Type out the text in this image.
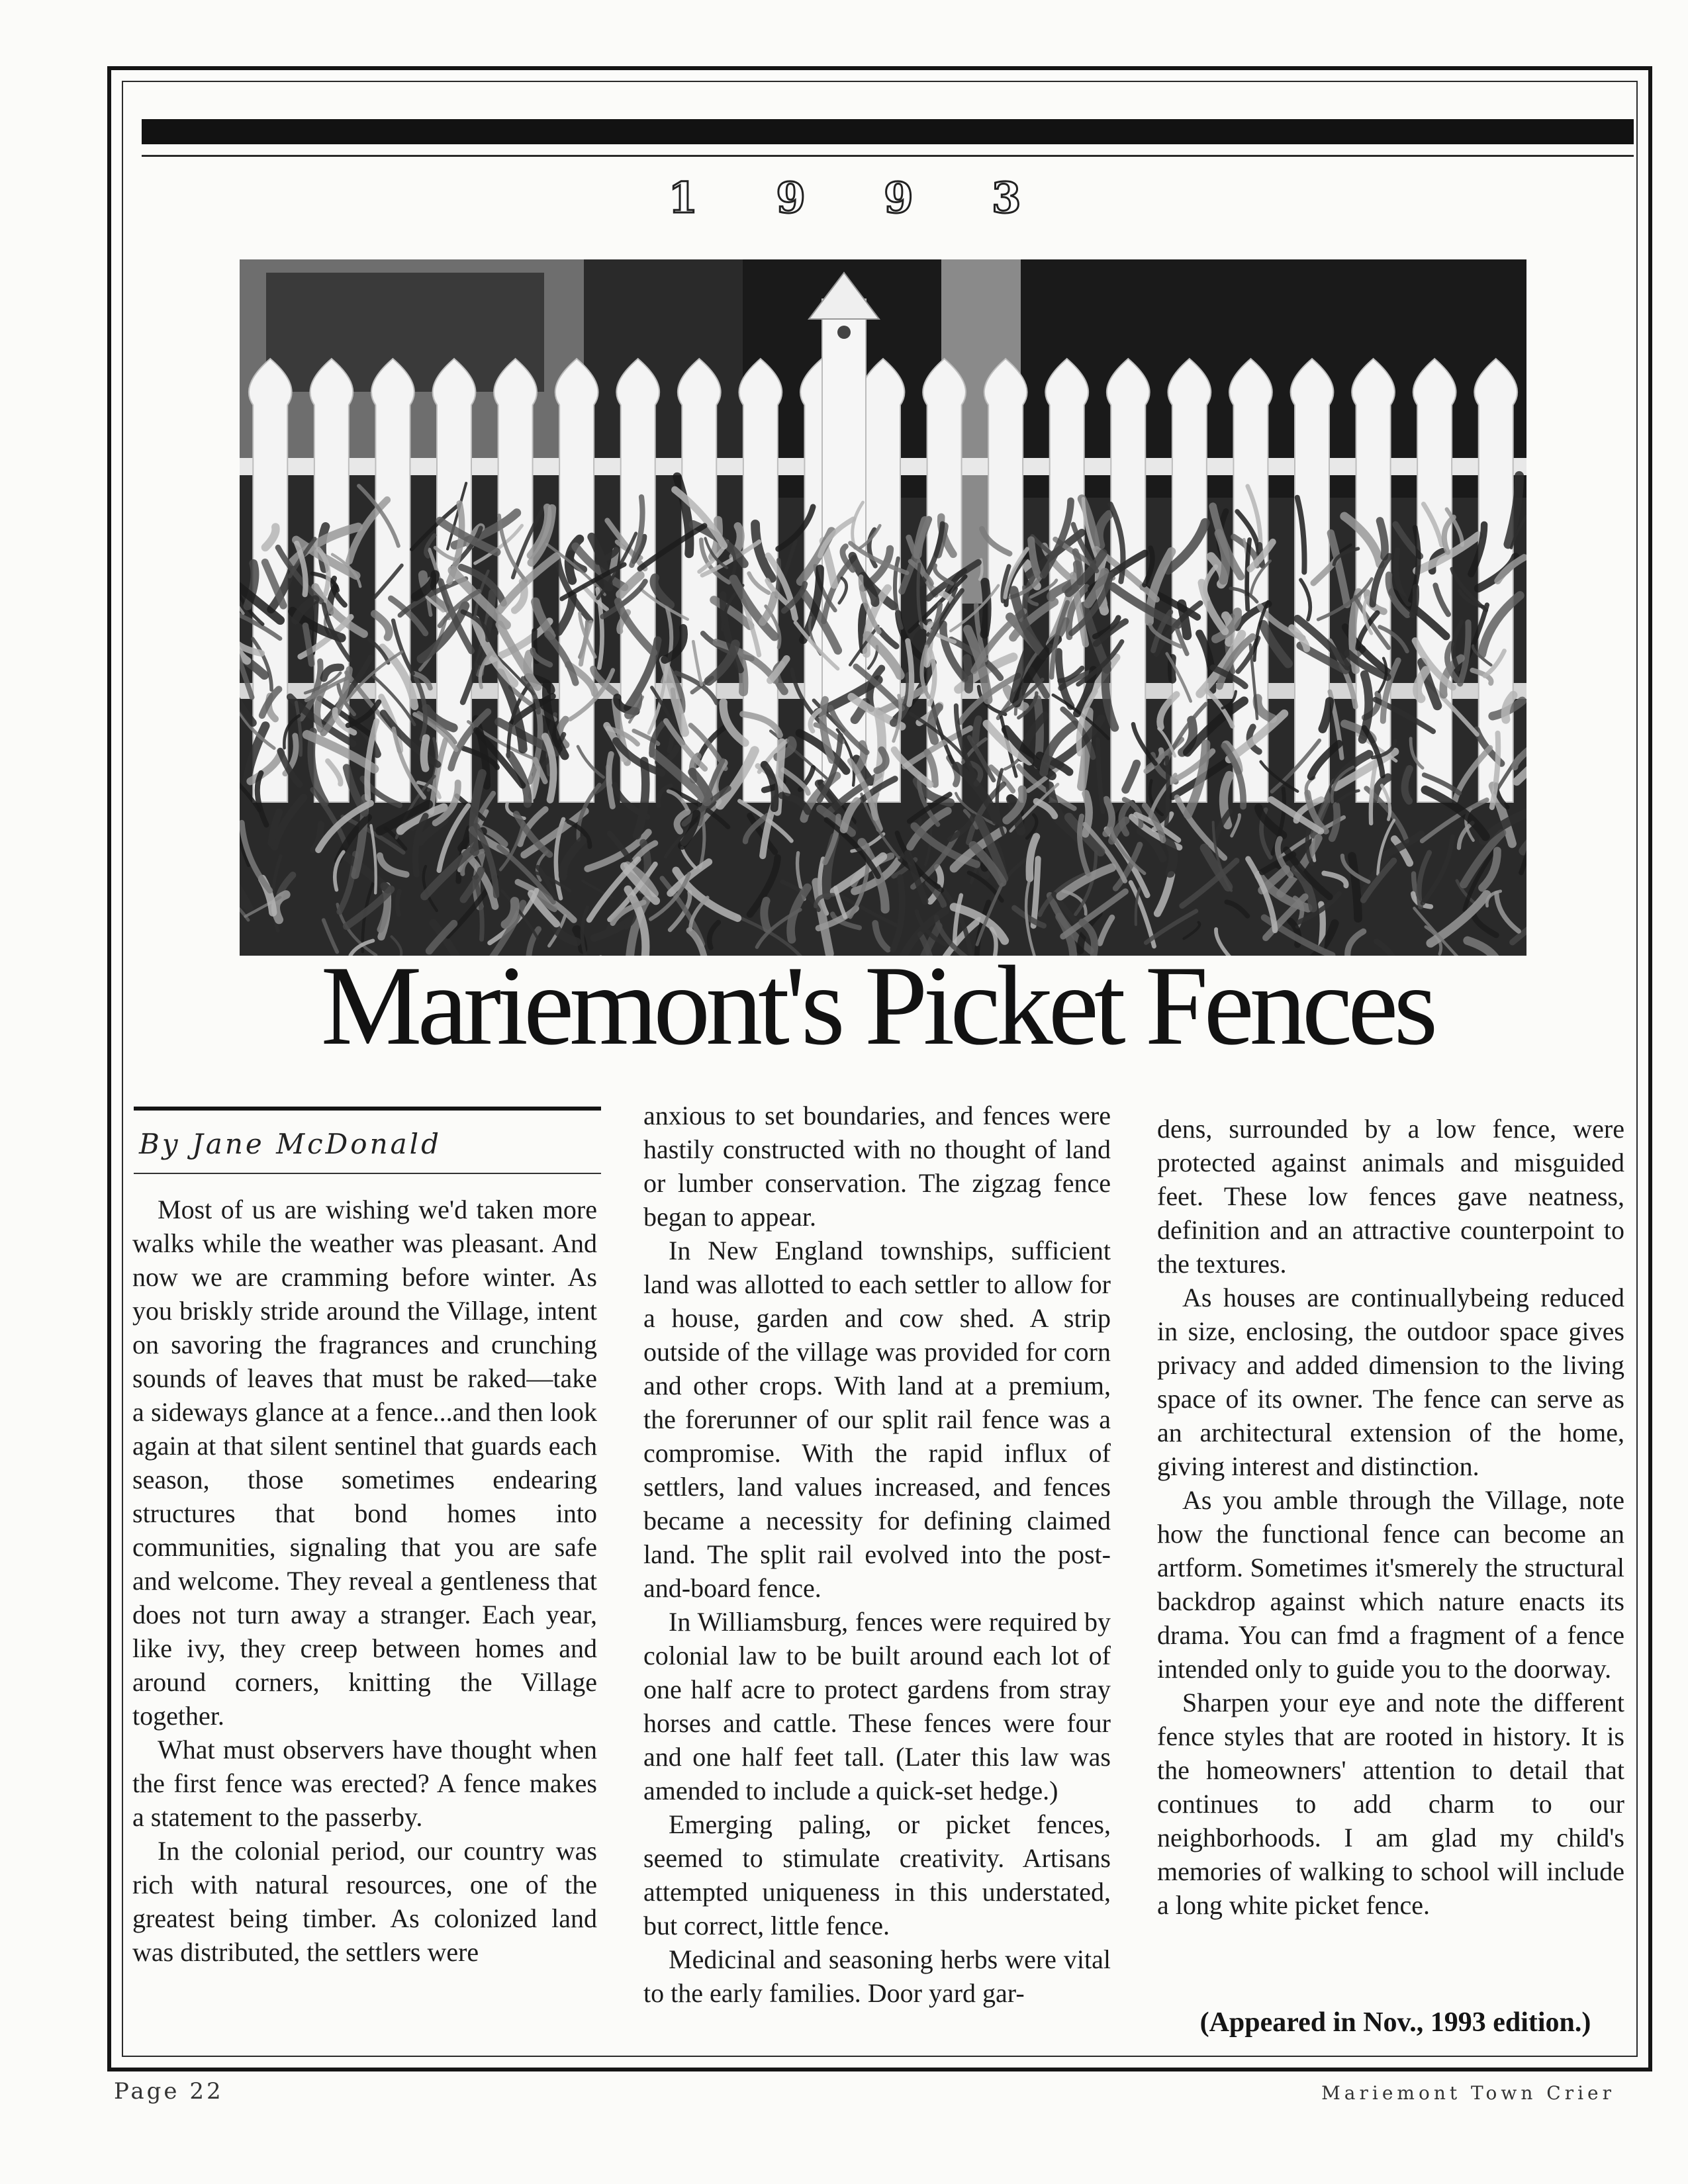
1 9 9 3
Mariemont's Picket Fences
By Jane McDonald

Most of us are wishing we'd taken more walks while the weather was pleasant. And now we are cramming before winter. As you briskly stride around the Village, intent on savoring the fragrances and crunching sounds of leaves that must be raked—take a sideways glance at a fence...and then look again at that silent sentinel that guards each season, those sometimes endearing structures that bond homes into communities, signaling that you are safe and welcome. They reveal a gentleness that does not turn away a stranger. Each year, like ivy, they creep between homes and around corners, knitting the Village together.

What must observers have thought when the first fence was erected? A fence makes a statement to the passerby.

In the colonial period, our country was rich with natural resources, one of the greatest being timber. As colonized land was distributed, the settlers were

anxious to set boundaries, and fences were hastily constructed with no thought of land or lumber conservation. The zigzag fence began to appear.

In New England townships, sufficient land was allotted to each settler to allow for a house, garden and cow shed. A strip outside of the village was provided for corn and other crops. With land at a premium, the forerunner of our split rail fence was a compromise. With the rapid influx of settlers, land values increased, and fences became a necessity for defining claimed land. The split rail evolved into the post-and-board fence.

In Williamsburg, fences were required by colonial law to be built around each lot of one half acre to protect gardens from stray horses and cattle. These fences were four and one half feet tall. (Later this law was amended to include a quick-set hedge.)

Emerging paling, or picket fences, seemed to stimulate creativity. Artisans attempted uniqueness in this understated, but correct, little fence.

Medicinal and seasoning herbs were vital to the early families. Door yard gar-

dens, surrounded by a low fence, were protected against animals and misguided feet. These low fences gave neatness, definition and an attractive counterpoint to the textures.

As houses are continuallybeing reduced in size, enclosing, the outdoor space gives privacy and added dimension to the living space of its owner. The fence can serve as an architectural extension of the home, giving interest and distinction.

As you amble through the Village, note how the functional fence can become an artform. Sometimes it'smerely the structural backdrop against which nature enacts its drama. You can fmd a fragment of a fence intended only to guide you to the doorway.

Sharpen your eye and note the different fence styles that are rooted in history. It is the homeowners' attention to detail that continues to add charm to our neighborhoods. I am glad my child's memories of walking to school will include a long white picket fence.

(Appeared in Nov., 1993 edition.)
Page 22	Mariemont Town Crier
